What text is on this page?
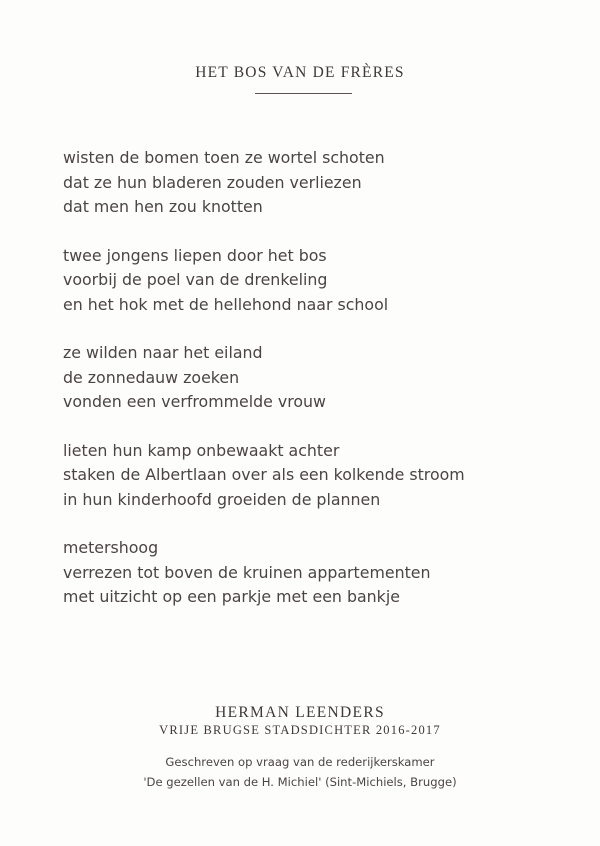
HET BOS VAN DE FRÈRES
wisten de bomen toen ze wortel schoten
dat ze hun bladeren zouden verliezen
dat men hen zou knotten
twee jongens liepen door het bos
voorbij de poel van de drenkeling
en het hok met de hellehond naar school
ze wilden naar het eiland
de zonnedauw zoeken
vonden een verfrommelde vrouw
lieten hun kamp onbewaakt achter
staken de Albertlaan over als een kolkende stroom
in hun kinderhoofd groeiden de plannen
metershoog
verrezen tot boven de kruinen appartementen
met uitzicht op een parkje met een bankje
HERMAN LEENDERS
VRIJE BRUGSE STADSDICHTER 2016-2017
Geschreven op vraag van de rederijkerskamer
'De gezellen van de H. Michiel' (Sint-Michiels, Brugge)
